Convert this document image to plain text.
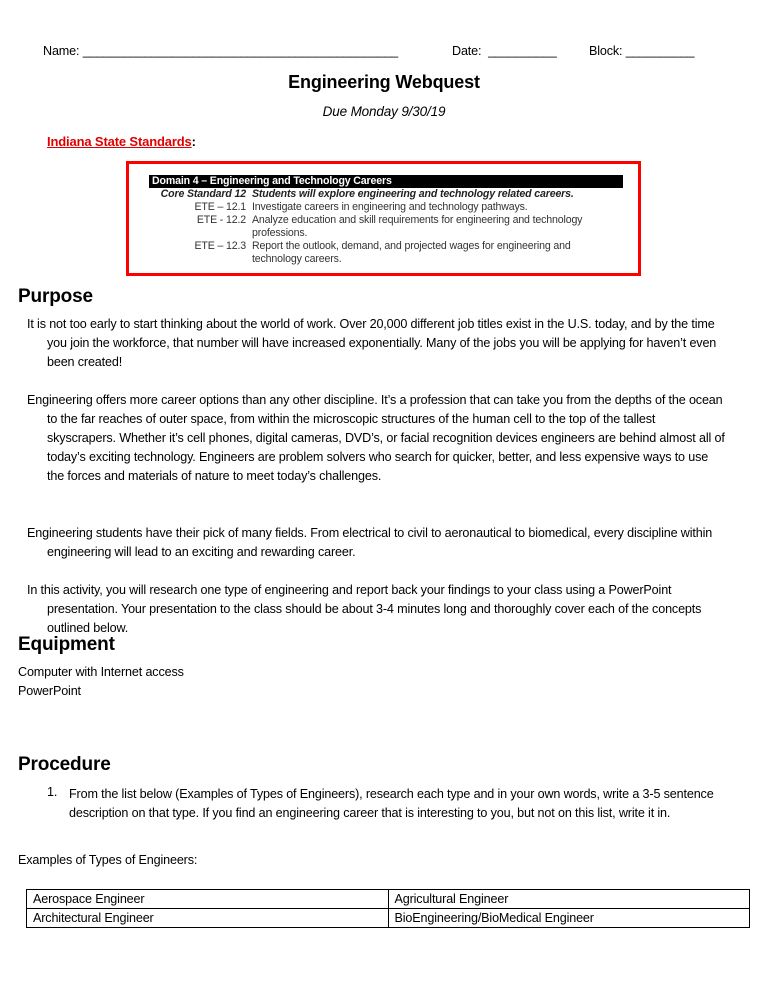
Name: ______________________________________________	Date: __________	Block: __________
Engineering Webquest
Due Monday 9/30/19
Indiana State Standards:
Domain 4 – Engineering and Technology Careers
Core Standard 12 Students will explore engineering and technology related careers.
ETE – 12.1 Investigate careers in engineering and technology pathways.
ETE - 12.2 Analyze education and skill requirements for engineering and technology professions.
ETE – 12.3 Report the outlook, demand, and projected wages for engineering and technology careers.
Purpose
It is not too early to start thinking about the world of work. Over 20,000 different job titles exist in the U.S. today, and by the time you join the workforce, that number will have increased exponentially. Many of the jobs you will be applying for haven’t even been created!
Engineering offers more career options than any other discipline. It’s a profession that can take you from the depths of the ocean to the far reaches of outer space, from within the microscopic structures of the human cell to the top of the tallest skyscrapers. Whether it’s cell phones, digital cameras, DVD’s, or facial recognition devices engineers are behind almost all of today’s exciting technology. Engineers are problem solvers who search for quicker, better, and less expensive ways to use the forces and materials of nature to meet today’s challenges.
Engineering students have their pick of many fields. From electrical to civil to aeronautical to biomedical, every discipline within engineering will lead to an exciting and rewarding career.
In this activity, you will research one type of engineering and report back your findings to your class using a PowerPoint presentation. Your presentation to the class should be about 3-4 minutes long and thoroughly cover each of the concepts outlined below.
Equipment
Computer with Internet access
PowerPoint
Procedure
1. From the list below (Examples of Types of Engineers), research each type and in your own words, write a 3-5 sentence description on that type. If you find an engineering career that is interesting to you, but not on this list, write it in.
Examples of Types of Engineers:
Aerospace Engineer	Agricultural Engineer
Architectural Engineer	BioEngineering/BioMedical Engineer
